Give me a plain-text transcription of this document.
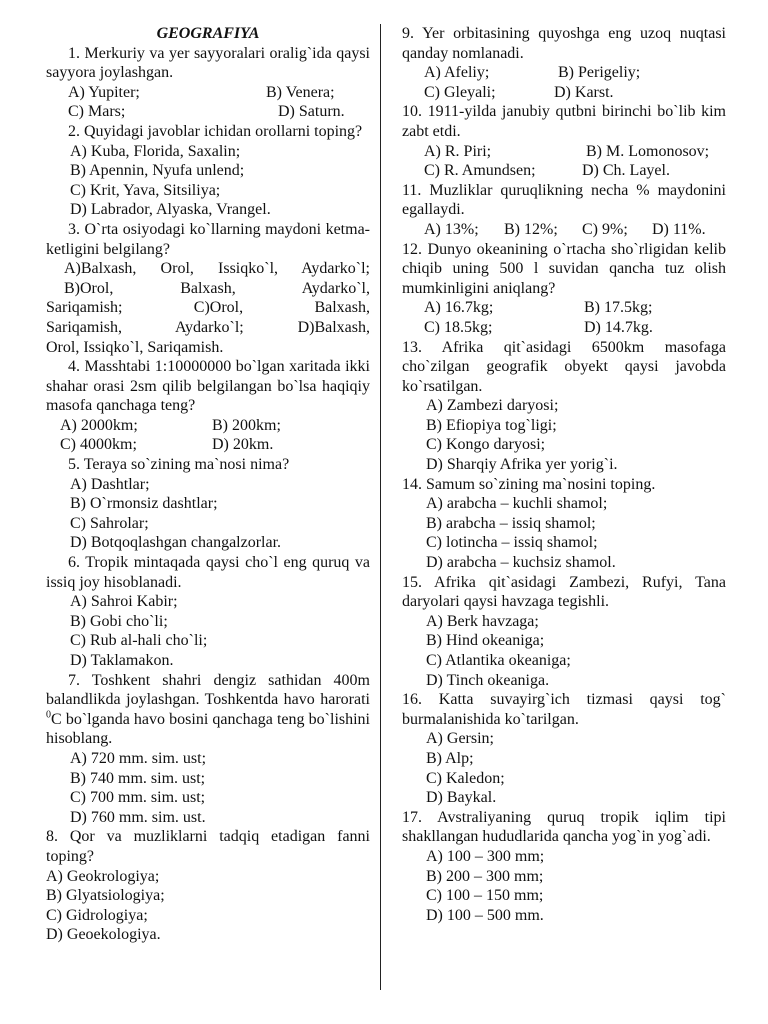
GEOGRAFIYA

1. Merkuriy va yer sayyoralari oralig`ida qaysi sayyora joylashgan.

A) Yupiter;	B) Venera;
C) Mars;	D) Saturn.

2. Quyidagi javoblar ichidan orollarni toping?

A) Kuba, Florida, Saxalin;

B) Apennin, Nyufa unlend;

C) Krit, Yava, Sitsiliya;

D) Labrador, Alyaska, Vrangel.

3. O`rta osiyodagi ko`llarning maydoni ketma-ketligini belgilang?

A)Balxash, Orol, Issiqko`l, Aydarko`l;

B)Orol, Balxash, Aydarko`l,

Sariqamish; C)Orol, Balxash,

Sariqamish, Aydarko`l; D)Balxash,

Orol, Issiqko`l, Sariqamish.

4. Masshtabi 1:10000000 bo`lgan xaritada ikki shahar orasi 2sm qilib belgilangan bo`lsa haqiqiy masofa qanchaga teng?

A) 2000km;	B) 200km;
C) 4000km;	D) 20km.

5. Teraya so`zining ma`nosi nima?

A) Dashtlar;

B) O`rmonsiz dashtlar;

C) Sahrolar;

D) Botqoqlashgan changalzorlar.

6. Tropik mintaqada qaysi cho`l eng quruq va issiq joy hisoblanadi.

A) Sahroi Kabir;

B) Gobi cho`li;

C) Rub al-hali cho`li;

D) Taklamakon.

7. Toshkent shahri dengiz sathidan 400m balandlikda joylashgan. Toshkentda havo harorati $^0$C bo`lganda havo bosini qanchaga teng bo`lishini hisoblang.

A) 720 mm. sim. ust;

B) 740 mm. sim. ust;

C) 700 mm. sim. ust;

D) 760 mm. sim. ust.

8. Qor va muzliklarni tadqiq etadigan fanni toping?

A) Geokrologiya;

B) Glyatsiologiya;

C) Gidrologiya;

D) Geoekologiya.

9. Yer orbitasining quyoshga eng uzoq nuqtasi qanday nomlanadi.

A) Afeliy;	B) Perigeliy;
C) Gleyali;	D) Karst.

10. 1911-yilda janubiy qutbni birinchi bo`lib kim zabt etdi.

A) R. Piri;	B) M. Lomonosov;
C) R. Amundsen;	D) Ch. Layel.

11. Muzliklar quruqlikning necha % maydonini egallaydi.

A) 13%;	B) 12%;	C) 9%;	D) 11%.

12. Dunyo okeanining o`rtacha sho`rligidan kelib chiqib uning 500 l suvidan qancha tuz olish mumkinligini aniqlang?

A) 16.7kg;	B) 17.5kg;
C) 18.5kg;	D) 14.7kg.

13. Afrika qit`asidagi 6500km masofaga cho`zilgan geografik obyekt qaysi javobda ko`rsatilgan.

A) Zambezi daryosi;

B) Efiopiya tog`ligi;

C) Kongo daryosi;

D) Sharqiy Afrika yer yorig`i.

14. Samum so`zining ma`nosini toping.

A) arabcha – kuchli shamol;

B) arabcha – issiq shamol;

C) lotincha – issiq shamol;

D) arabcha – kuchsiz shamol.

15. Afrika qit`asidagi Zambezi, Rufyi, Tana daryolari qaysi havzaga tegishli.

A) Berk havzaga;

B) Hind okeaniga;

C) Atlantika okeaniga;

D) Tinch okeaniga.

16. Katta suvayirg`ich tizmasi qaysi tog` burmalanishida ko`tarilgan.

A) Gersin;

B) Alp;

C) Kaledon;

D) Baykal.

17. Avstraliyaning quruq tropik iqlim tipi shakllangan hududlarida qancha yog`in yog`adi.

A) 100 – 300 mm;

B) 200 – 300 mm;

C) 100 – 150 mm;

D) 100 – 500 mm.
